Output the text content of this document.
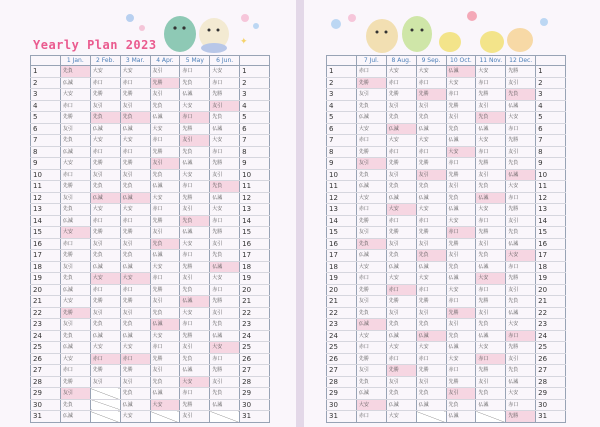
✦
Yearly Plan 2023
	1 Jan.	2 Feb.	3 Mar.	4 Apr.	5 May	6 Jun.	
1	先負	大安	大安	友引	赤口	大安	1
2	仏滅	赤口	赤口	先勝	先負	赤口	2
3	大安	先勝	先勝	友引	仏滅	先勝	3
4	赤口	友引	友引	先負	大安	友引	4
5	先勝	先負	先負	仏滅	赤口	先負	5
6	友引	仏滅	仏滅	大安	先勝	仏滅	6
7	先負	大安	大安	赤口	友引	大安	7
8	仏滅	赤口	赤口	先勝	先負	赤口	8
9	大安	先勝	先勝	友引	仏滅	先勝	9
10	赤口	友引	友引	先負	大安	友引	10
11	先勝	先負	先負	仏滅	赤口	先負	11
12	友引	仏滅	仏滅	大安	先勝	仏滅	12
13	先負	大安	大安	赤口	友引	大安	13
14	仏滅	赤口	赤口	先勝	先負	赤口	14
15	大安	先勝	先勝	友引	仏滅	先勝	15
16	赤口	友引	友引	先負	大安	友引	16
17	先勝	先負	先負	仏滅	赤口	先負	17
18	友引	仏滅	仏滅	大安	先勝	仏滅	18
19	先負	大安	大安	赤口	友引	大安	19
20	仏滅	赤口	赤口	先勝	先負	赤口	20
21	大安	先勝	先勝	友引	仏滅	先勝	21
22	先勝	友引	友引	先負	大安	友引	22
23	友引	先負	先負	仏滅	赤口	先負	23
24	先負	仏滅	仏滅	大安	先勝	仏滅	24
25	仏滅	大安	大安	赤口	友引	大安	25
26	大安	赤口	赤口	先勝	先負	赤口	26
27	赤口	先勝	先勝	友引	仏滅	先勝	27
28	先勝	友引	友引	先負	大安	友引	28
29	友引		先負	仏滅	赤口	先負	29
30	先負		仏滅	大安	先勝	仏滅	30
31	仏滅		大安		友引		31
	7 Jul.	8 Aug.	9 Sep.	10 Oct.	11 Nov.	12 Dec.	
1	赤口	大安	大安	仏滅	大安	先勝	1
2	先勝	赤口	赤口	大安	赤口	友引	2
3	友引	先勝	先勝	赤口	先勝	先負	3
4	先負	友引	友引	先勝	友引	仏滅	4
5	仏滅	先負	先負	友引	先負	大安	5
6	大安	仏滅	仏滅	先負	仏滅	赤口	6
7	赤口	大安	大安	仏滅	大安	先勝	7
8	先勝	赤口	赤口	大安	赤口	友引	8
9	友引	先勝	先勝	赤口	先勝	先負	9
10	先負	友引	友引	先勝	友引	仏滅	10
11	仏滅	先負	先負	友引	先負	大安	11
12	大安	仏滅	仏滅	先負	仏滅	赤口	12
13	赤口	大安	大安	仏滅	大安	先勝	13
14	先勝	赤口	赤口	大安	赤口	友引	14
15	友引	先勝	先勝	赤口	先勝	先負	15
16	先負	友引	友引	先勝	友引	仏滅	16
17	仏滅	先負	先負	友引	先負	大安	17
18	大安	仏滅	仏滅	先負	仏滅	赤口	18
19	赤口	大安	大安	仏滅	大安	先勝	19
20	先勝	赤口	赤口	大安	赤口	友引	20
21	友引	先勝	先勝	赤口	先勝	先負	21
22	先負	友引	友引	先勝	友引	仏滅	22
23	仏滅	先負	先負	友引	先負	大安	23
24	大安	仏滅	仏滅	先負	仏滅	赤口	24
25	赤口	大安	大安	仏滅	大安	先勝	25
26	先勝	赤口	赤口	大安	赤口	友引	26
27	友引	先勝	先勝	赤口	先勝	先負	27
28	先負	友引	友引	先勝	友引	仏滅	28
29	仏滅	先負	先負	友引	先負	大安	29
30	大安	仏滅	仏滅	先負	仏滅	赤口	30
31	赤口	大安		仏滅		先勝	31
